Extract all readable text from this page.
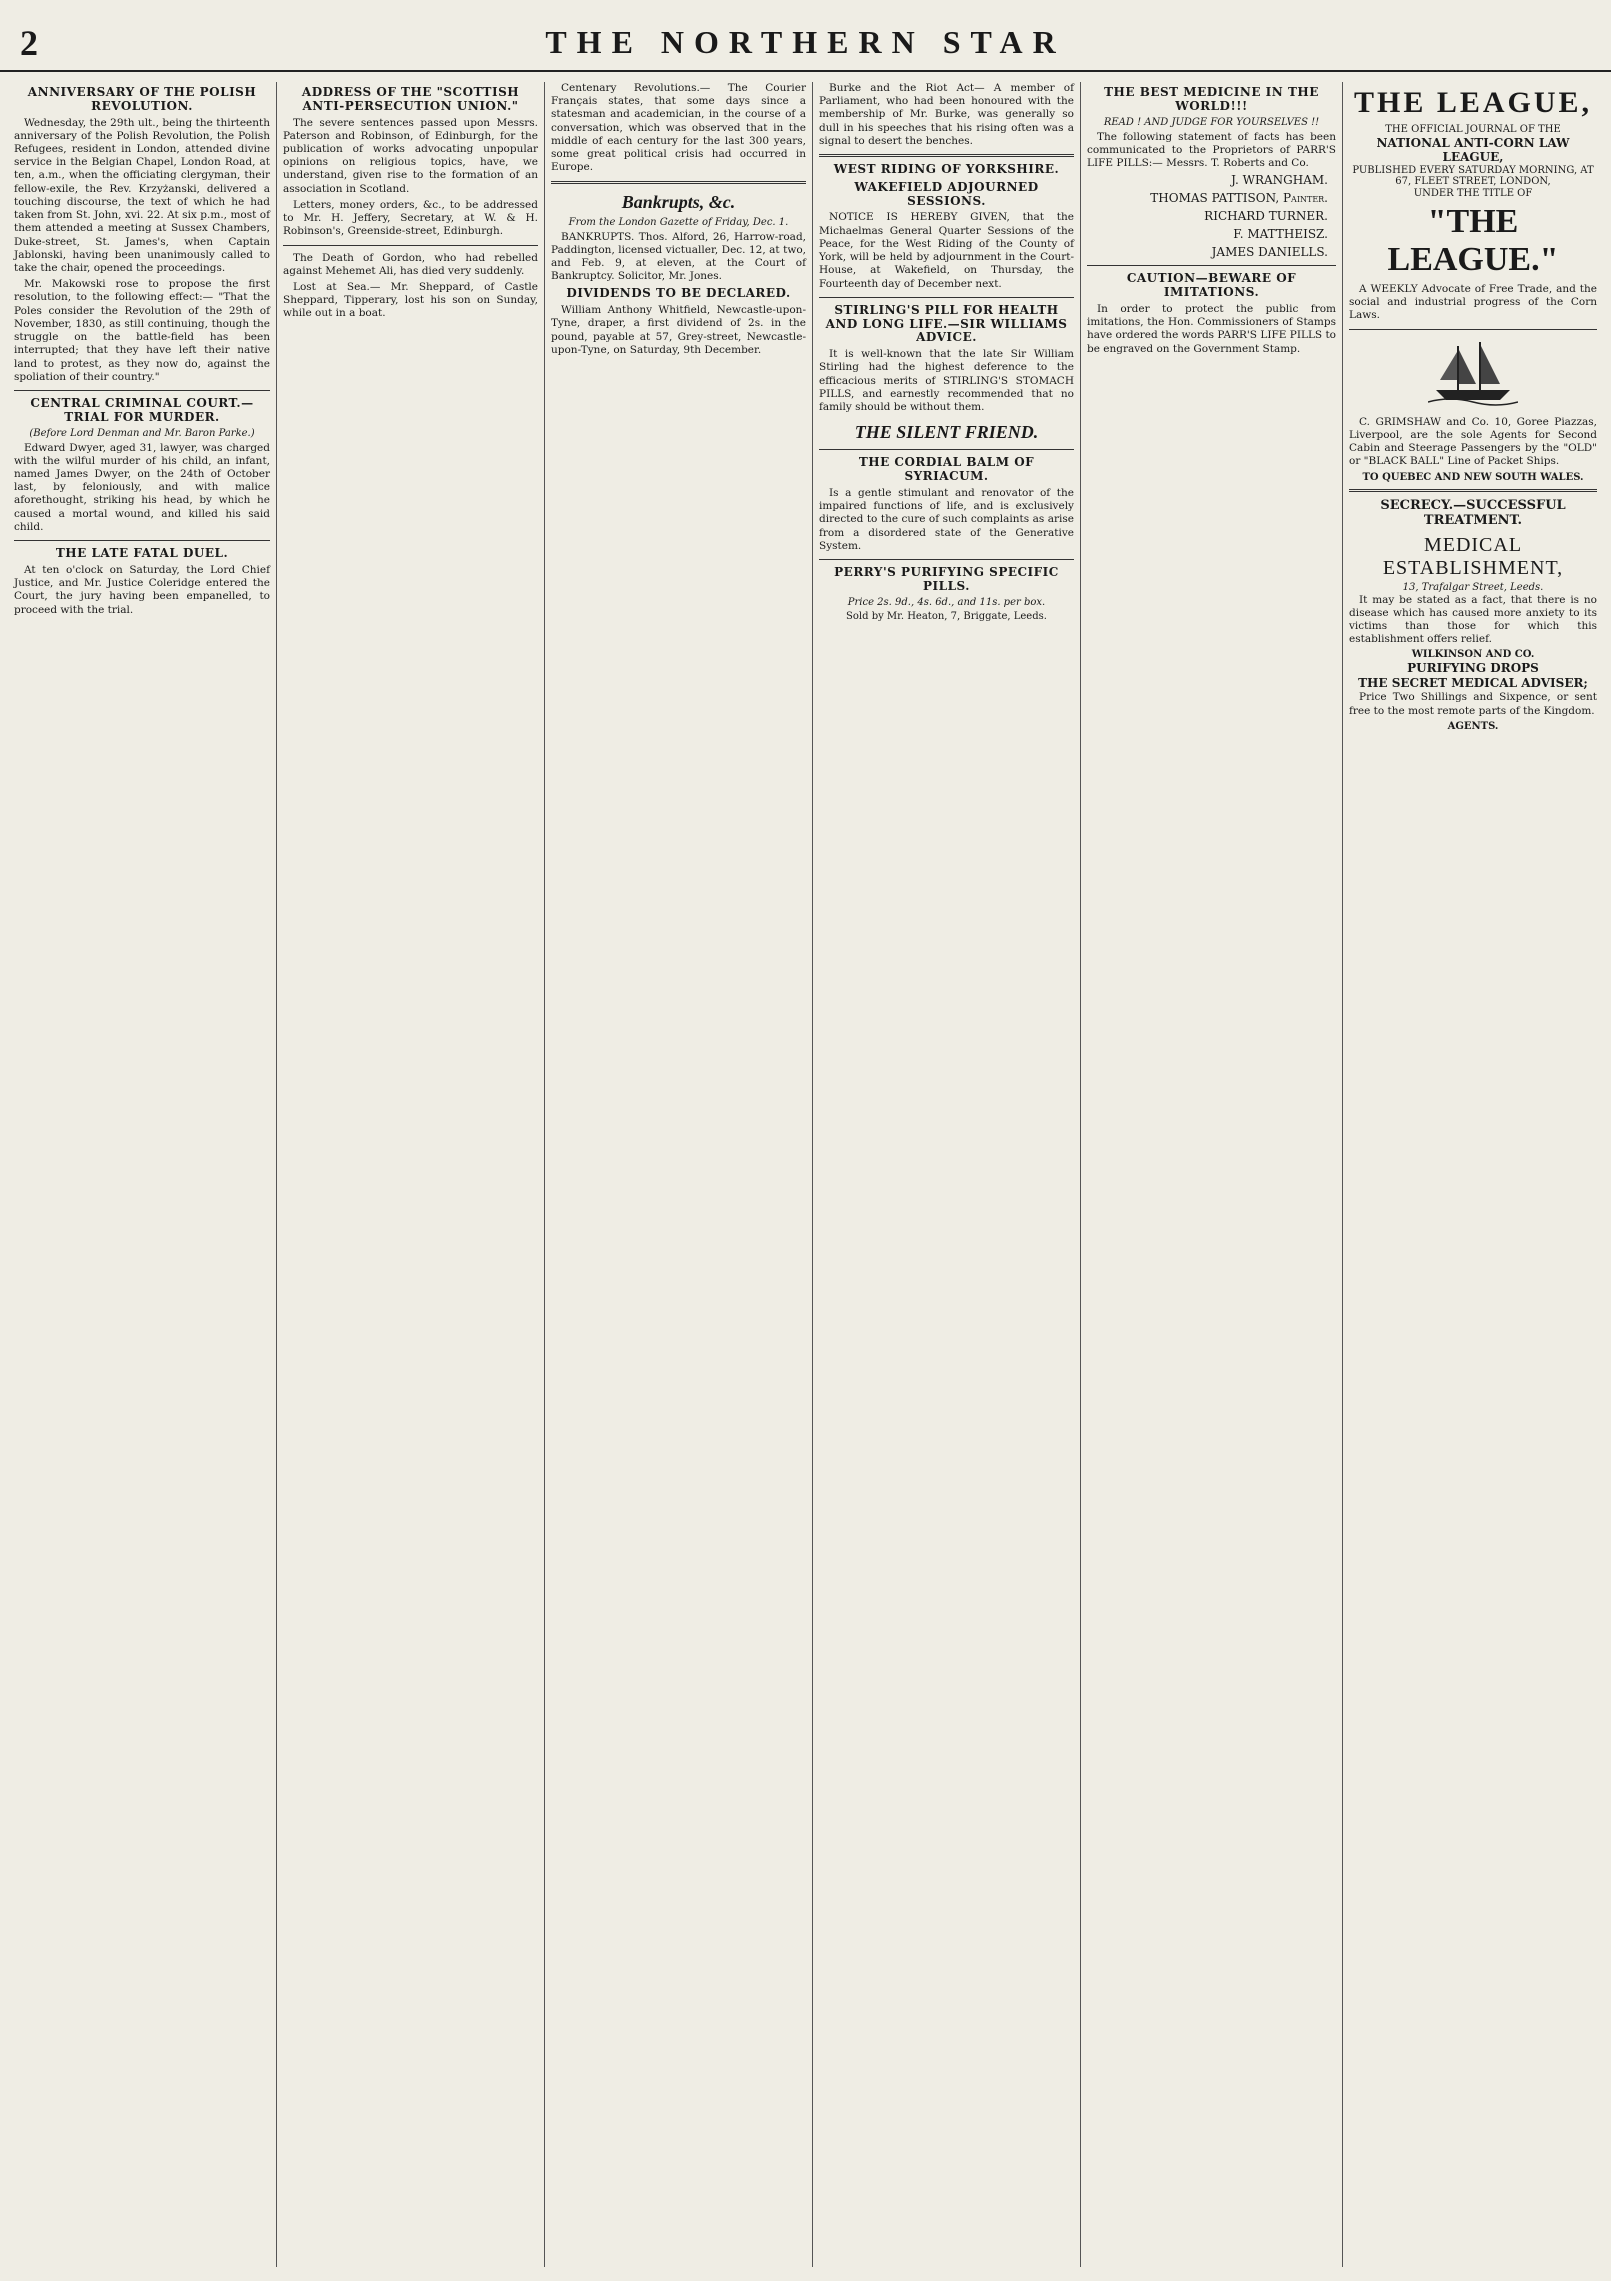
2	THE NORTHERN STAR
ANNIVERSARY OF THE POLISH REVOLUTION.

Wednesday, the 29th ult., being the thirteenth anniversary of the Polish Revolution, the Polish Refugees, resident in London, attended divine service in the Belgian Chapel, London Road, at ten, a.m., when the officiating clergyman, their fellow-exile, the Rev. Krzyżanski, delivered a touching discourse, the text of which he had taken from St. John, xvi. 22. At six p.m., most of them attended a meeting at Sussex Chambers, Duke-street, St. James's, when Captain Jablonski, having been unanimously called to take the chair, opened the proceedings.

Mr. Makowski rose to propose the first resolution, to the following effect:— "That the Poles consider the Revolution of the 29th of November, 1830, as still continuing, though the struggle on the battle-field has been interrupted; that they have left their native land to protest, as they now do, against the spoliation of their country."

CENTRAL CRIMINAL COURT.—TRIAL FOR MURDER.

(Before Lord Denman and Mr. Baron Parke.)

Edward Dwyer, aged 31, lawyer, was charged with the wilful murder of his child, an infant, named James Dwyer, on the 24th of October last, by feloniously, and with malice aforethought, striking his head, by which he caused a mortal wound, and killed his said child.

THE LATE FATAL DUEL.

At ten o'clock on Saturday, the Lord Chief Justice, and Mr. Justice Coleridge entered the Court, the jury having been empanelled, to proceed with the trial.

ADDRESS OF THE "SCOTTISH ANTI-PERSECUTION UNION."

The severe sentences passed upon Messrs. Paterson and Robinson, of Edinburgh, for the publication of works advocating unpopular opinions on religious topics, have, we understand, given rise to the formation of an association in Scotland.

Letters, money orders, &c., to be addressed to Mr. H. Jeffery, Secretary, at W. & H. Robinson's, Greenside-street, Edinburgh.

The Death of Gordon, who had rebelled against Mehemet Ali, has died very suddenly.

Lost at Sea.— Mr. Sheppard, of Castle Sheppard, Tipperary, lost his son on Sunday, while out in a boat.

Centenary Revolutions.— The Courier Français states, that some days since a statesman and academician, in the course of a conversation, which was observed that in the middle of each century for the last 300 years, some great political crisis had occurred in Europe.

Bankrupts, &c.

From the London Gazette of Friday, Dec. 1.

BANKRUPTS. Thos. Alford, 26, Harrow-road, Paddington, licensed victualler, Dec. 12, at two, and Feb. 9, at eleven, at the Court of Bankruptcy. Solicitor, Mr. Jones.

DIVIDENDS TO BE DECLARED.

William Anthony Whitfield, Newcastle-upon-Tyne, draper, a first dividend of 2s. in the pound, payable at 57, Grey-street, Newcastle-upon-Tyne, on Saturday, 9th December.

Burke and the Riot Act— A member of Parliament, who had been honoured with the membership of Mr. Burke, was generally so dull in his speeches that his rising often was a signal to desert the benches.

WEST RIDING OF YORKSHIRE.
WAKEFIELD ADJOURNED SESSIONS.

NOTICE IS HEREBY GIVEN, that the Michaelmas General Quarter Sessions of the Peace, for the West Riding of the County of York, will be held by adjournment in the Court-House, at Wakefield, on Thursday, the Fourteenth day of December next.

STIRLING'S PILL FOR HEALTH AND LONG LIFE.—SIR WILLIAMS ADVICE.

It is well-known that the late Sir William Stirling had the highest deference to the efficacious merits of STIRLING'S STOMACH PILLS, and earnestly recommended that no family should be without them.

THE SILENT FRIEND.
THE CORDIAL BALM OF SYRIACUM.

Is a gentle stimulant and renovator of the impaired functions of life, and is exclusively directed to the cure of such complaints as arise from a disordered state of the Generative System.

PERRY'S PURIFYING SPECIFIC PILLS.

Price 2s. 9d., 4s. 6d., and 11s. per box.

Sold by Mr. Heaton, 7, Briggate, Leeds.

THE BEST MEDICINE IN THE WORLD!!!

READ ! AND JUDGE FOR YOURSELVES !!

The following statement of facts has been communicated to the Proprietors of PARR'S LIFE PILLS:— Messrs. T. Roberts and Co.

J. WRANGHAM.
THOMAS PATTISON, Painter.
RICHARD TURNER.
F. MATTHEISZ.
JAMES DANIELLS.
CAUTION—BEWARE OF IMITATIONS.

In order to protect the public from imitations, the Hon. Commissioners of Stamps have ordered the words PARR'S LIFE PILLS to be engraved on the Government Stamp.

THE LEAGUE,
THE OFFICIAL JOURNAL OF THE
NATIONAL ANTI-CORN LAW LEAGUE,
PUBLISHED EVERY SATURDAY MORNING, AT 67, FLEET STREET, LONDON,
UNDER THE TITLE OF
"THE LEAGUE."

A WEEKLY Advocate of Free Trade, and the social and industrial progress of the Corn Laws.

C. GRIMSHAW and Co. 10, Goree Piazzas, Liverpool, are the sole Agents for Second Cabin and Steerage Passengers by the "OLD" or "BLACK BALL" Line of Packet Ships.

TO QUEBEC AND NEW SOUTH WALES.
SECRECY.—SUCCESSFUL TREATMENT.
MEDICAL ESTABLISHMENT,
13, Trafalgar Street, Leeds.

It may be stated as a fact, that there is no disease which has caused more anxiety to its victims than those for which this establishment offers relief.

WILKINSON AND CO.
PURIFYING DROPS
THE SECRET MEDICAL ADVISER;

Price Two Shillings and Sixpence, or sent free to the most remote parts of the Kingdom.

AGENTS.
